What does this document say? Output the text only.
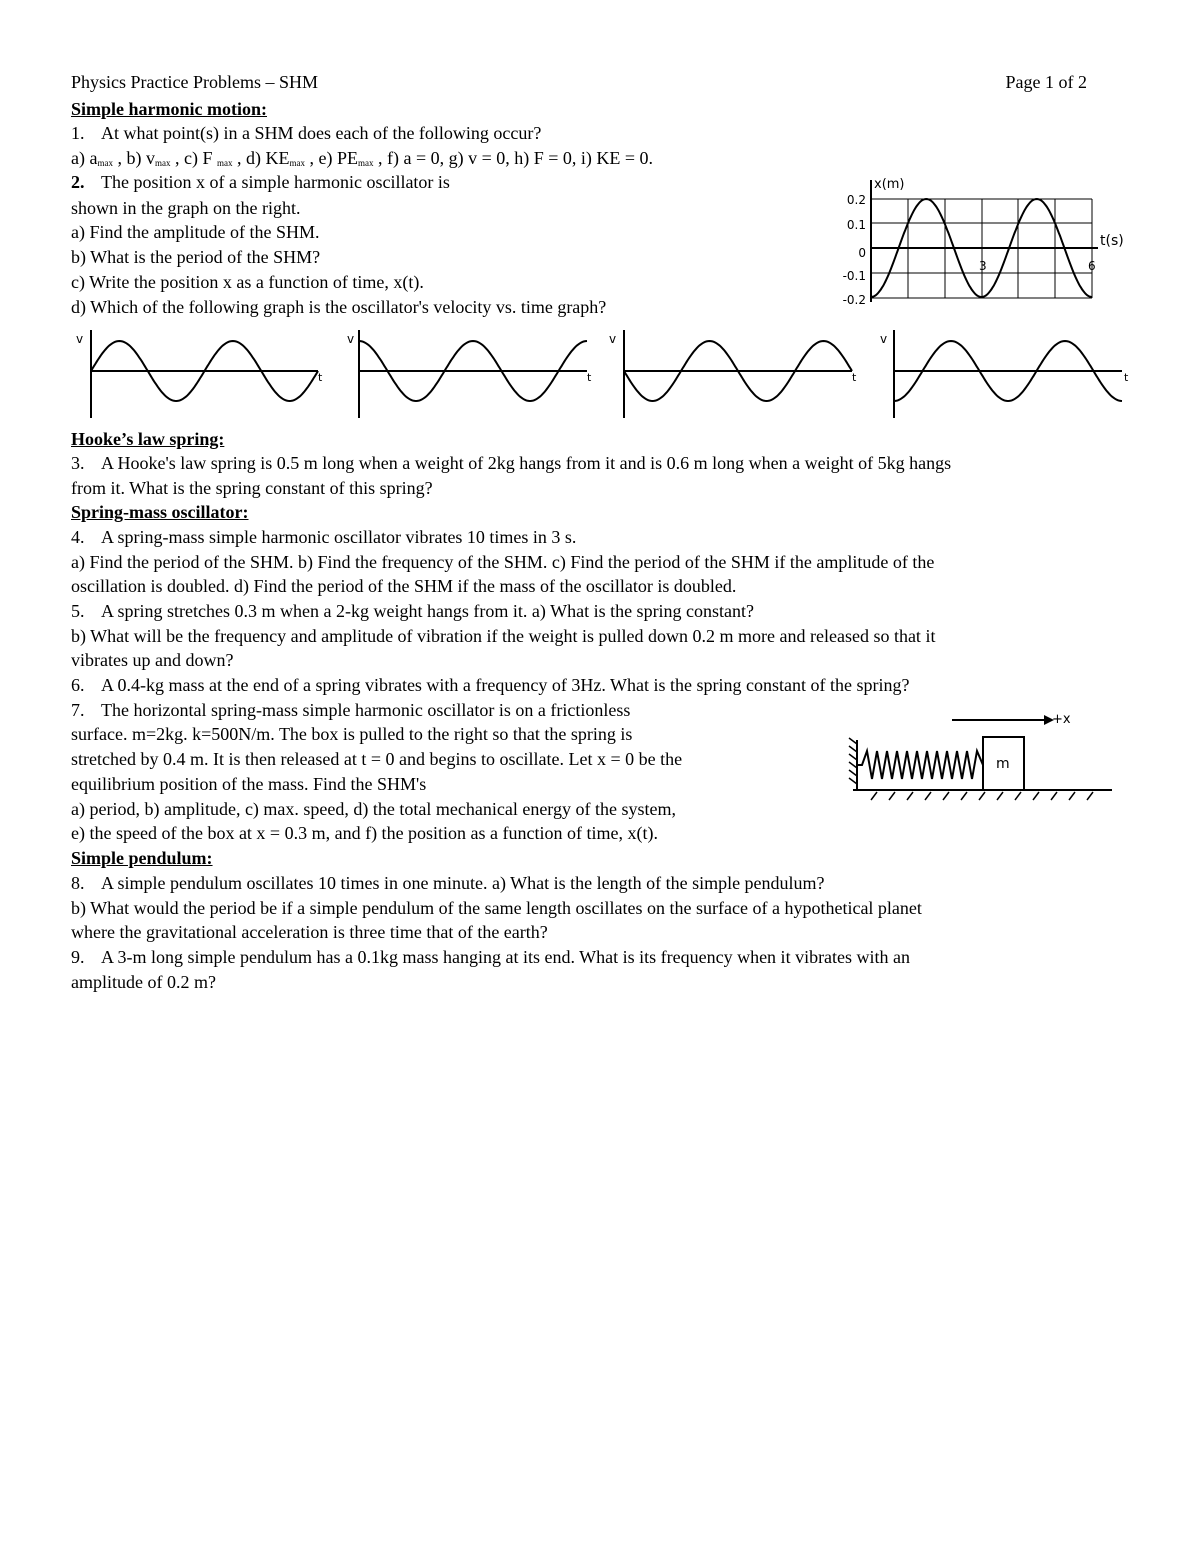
Physics Practice Problems – SHM	Page 1 of 2
Simple harmonic motion:
1. At what point(s) in a SHM does each of the following occur?
a) $a_{max}$ , b) $v_{max}$ , c) F $_{max}$ , d) $KE_{max}$ , e) $PE_{max}$ , f) a = 0, g) v = 0, h) F = 0, i) KE = 0.
2. The position x of a simple harmonic oscillator is
shown in the graph on the right.
a) Find the amplitude of the SHM.
b) What is the period of the SHM?
c) Write the position x as a function of time, x(t).
d) Which of the following graph is the oscillator's velocity vs. time graph?
x(m)
t(s)
0.2
0.1
0
-0.1
-0.2
3	6
v
t
v
t
v
t
v
t
Hooke’s law spring:
3. A Hooke's law spring is 0.5 m long when a weight of 2kg hangs from it and is 0.6 m long when a weight of 5kg hangs
from it. What is the spring constant of this spring?
Spring-mass oscillator:
4. A spring-mass simple harmonic oscillator vibrates 10 times in 3 s.
a) Find the period of the SHM. b) Find the frequency of the SHM. c) Find the period of the SHM if the amplitude of the
oscillation is doubled. d) Find the period of the SHM if the mass of the oscillator is doubled.
5. A spring stretches 0.3 m when a 2-kg weight hangs from it. a) What is the spring constant?
b) What will be the frequency and amplitude of vibration if the weight is pulled down 0.2 m more and released so that it
vibrates up and down?
6. A 0.4-kg mass at the end of a spring vibrates with a frequency of 3Hz. What is the spring constant of the spring?
7. The horizontal spring-mass simple harmonic oscillator is on a frictionless
surface. m=2kg. k=500N/m. The box is pulled to the right so that the spring is
stretched by 0.4 m. It is then released at t = 0 and begins to oscillate. Let x = 0 be the
equilibrium position of the mass. Find the SHM's
a) period, b) amplitude, c) max. speed, d) the total mechanical energy of the system,
e) the speed of the box at x = 0.3 m, and f) the position as a function of time, x(t).
+x
m
Simple pendulum:
8. A simple pendulum oscillates 10 times in one minute. a) What is the length of the simple pendulum?
b) What would the period be if a simple pendulum of the same length oscillates on the surface of a hypothetical planet
where the gravitational acceleration is three time that of the earth?
9. A 3-m long simple pendulum has a 0.1kg mass hanging at its end. What is its frequency when it vibrates with an
amplitude of 0.2 m?
